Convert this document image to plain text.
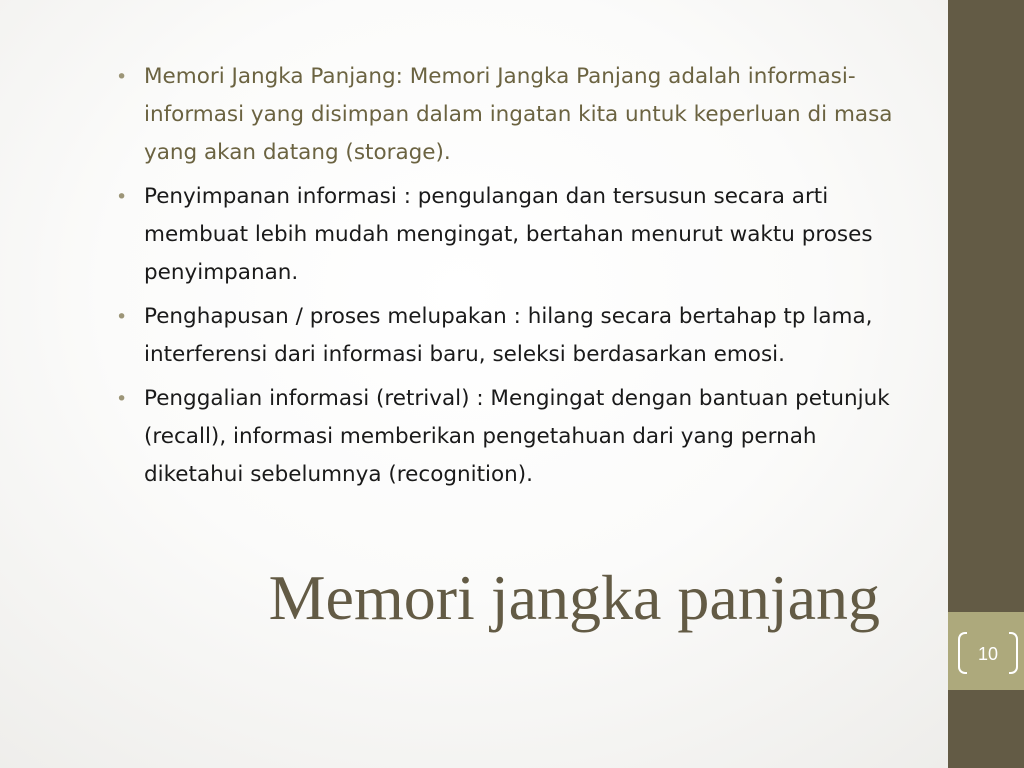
10
• Memori Jangka Panjang: Memori Jangka Panjang adalah informasi-informasi yang disimpan dalam ingatan kita untuk keperluan di masa yang akan datang (storage).
• Penyimpanan informasi : pengulangan dan tersusun secara arti membuat lebih mudah mengingat, bertahan menurut waktu proses penyimpanan.
• Penghapusan / proses melupakan : hilang secara bertahap tp lama, interferensi dari informasi baru, seleksi berdasarkan emosi.
• Penggalian informasi (retrival) : Mengingat dengan bantuan petunjuk (recall), informasi memberikan pengetahuan dari yang pernah diketahui sebelumnya (recognition).
Memori jangka panjang
